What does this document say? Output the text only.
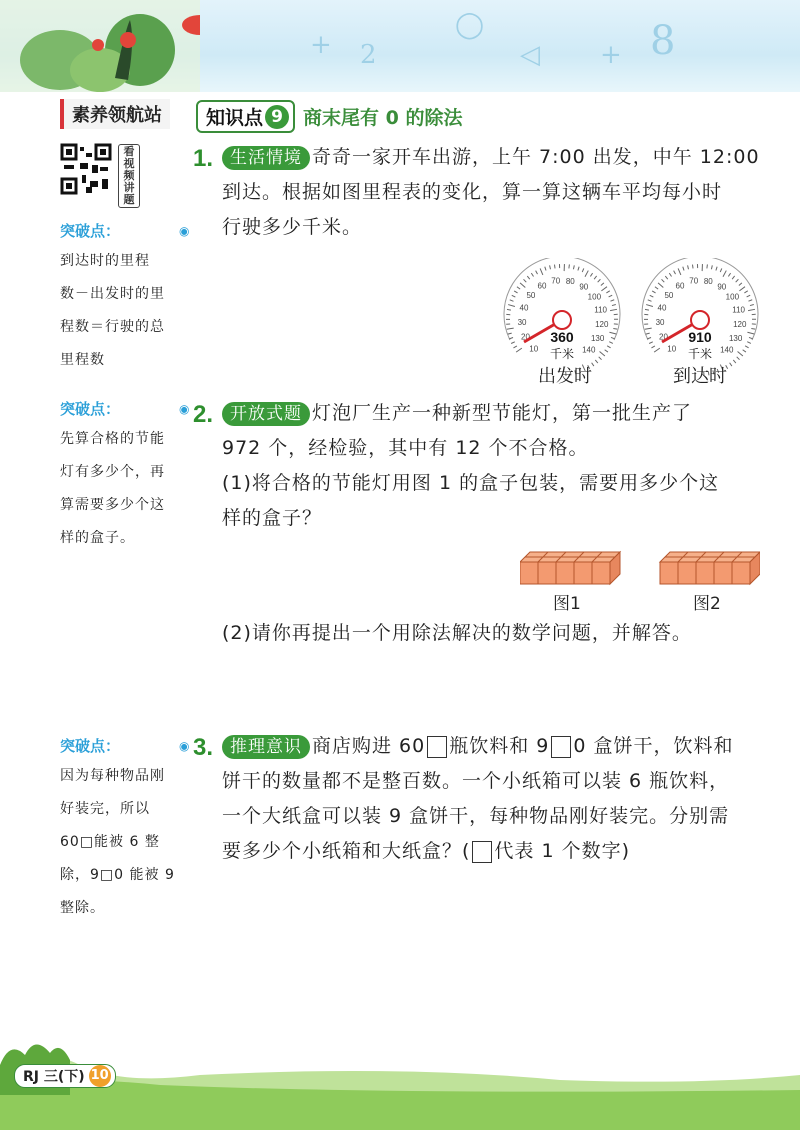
+ 2	◁ + 8
◯
素养领航站	知识点 9	商末尾有 0 的除法
看视频讲题
突破点：
到达时的里程
数－出发时的里
程数＝行驶的总
里程数
◉
突破点：
先算合格的节能
灯有多少个，再
算需要多少个这
样的盒子。
◉
突破点：
因为每种物品刚
好装完，所以
60□能被 6 整
除，9□0 能被 9
整除。
◉
1. 生活情境 奇奇一家开车出游，上午 7:00 出发，中午 12:00
到达。根据如图里程表的变化，算一算这辆车平均每小时
行驶多少千米。
10
20
30
40
50
60
70 80
90
100
110
120
130
140
360
千米	10
20
30
40
50
60
70 80
90
100
110
120
130
140
910
千米
出发时	到达时
2. 开放式题 灯泡厂生产一种新型节能灯，第一批生产了
972 个，经检验，其中有 12 个不合格。
(1)将合格的节能灯用图 1 的盒子包装，需要用多少个这
样的盒子？
图1	图2
(2)请你再提出一个用除法解决的数学问题，并解答。
3. 推理意识 商店购进 60 瓶饮料和 9 0 盒饼干，饮料和
饼干的数量都不是整百数。一个小纸箱可以装 6 瓶饮料，
一个大纸盒可以装 9 盒饼干，每种物品刚好装完。分别需
要多少个小纸箱和大纸盒？( 代表 1 个数字)
RJ 三(下) 10
